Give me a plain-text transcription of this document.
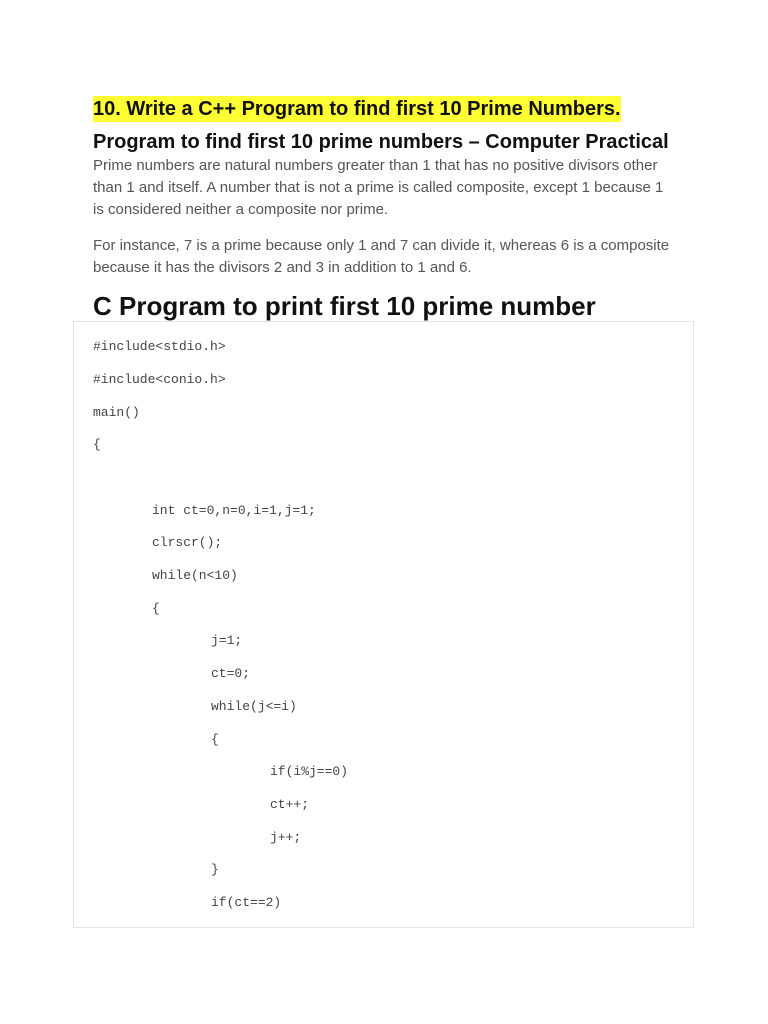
10. Write a C++ Program to find first 10 Prime Numbers.
Program to find first 10 prime numbers – Computer Practical

Prime numbers are natural numbers greater than 1 that has no positive divisors other than 1 and itself. A number that is not a prime is called composite, except 1 because 1 is considered neither a composite nor prime.

For instance, 7 is a prime because only 1 and 7 can divide it, whereas 6 is a composite because it has the divisors 2 and 3 in addition to 1 and 6.

C Program to print first 10 prime number
#include<stdio.h>
#include<conio.h>
main()
{
int ct=0,n=0,i=1,j=1;
clrscr();
while(n<10)
{
j=1;
ct=0;
while(j<=i)
{
if(i%j==0)
ct++;
j++;
}
if(ct==2)
